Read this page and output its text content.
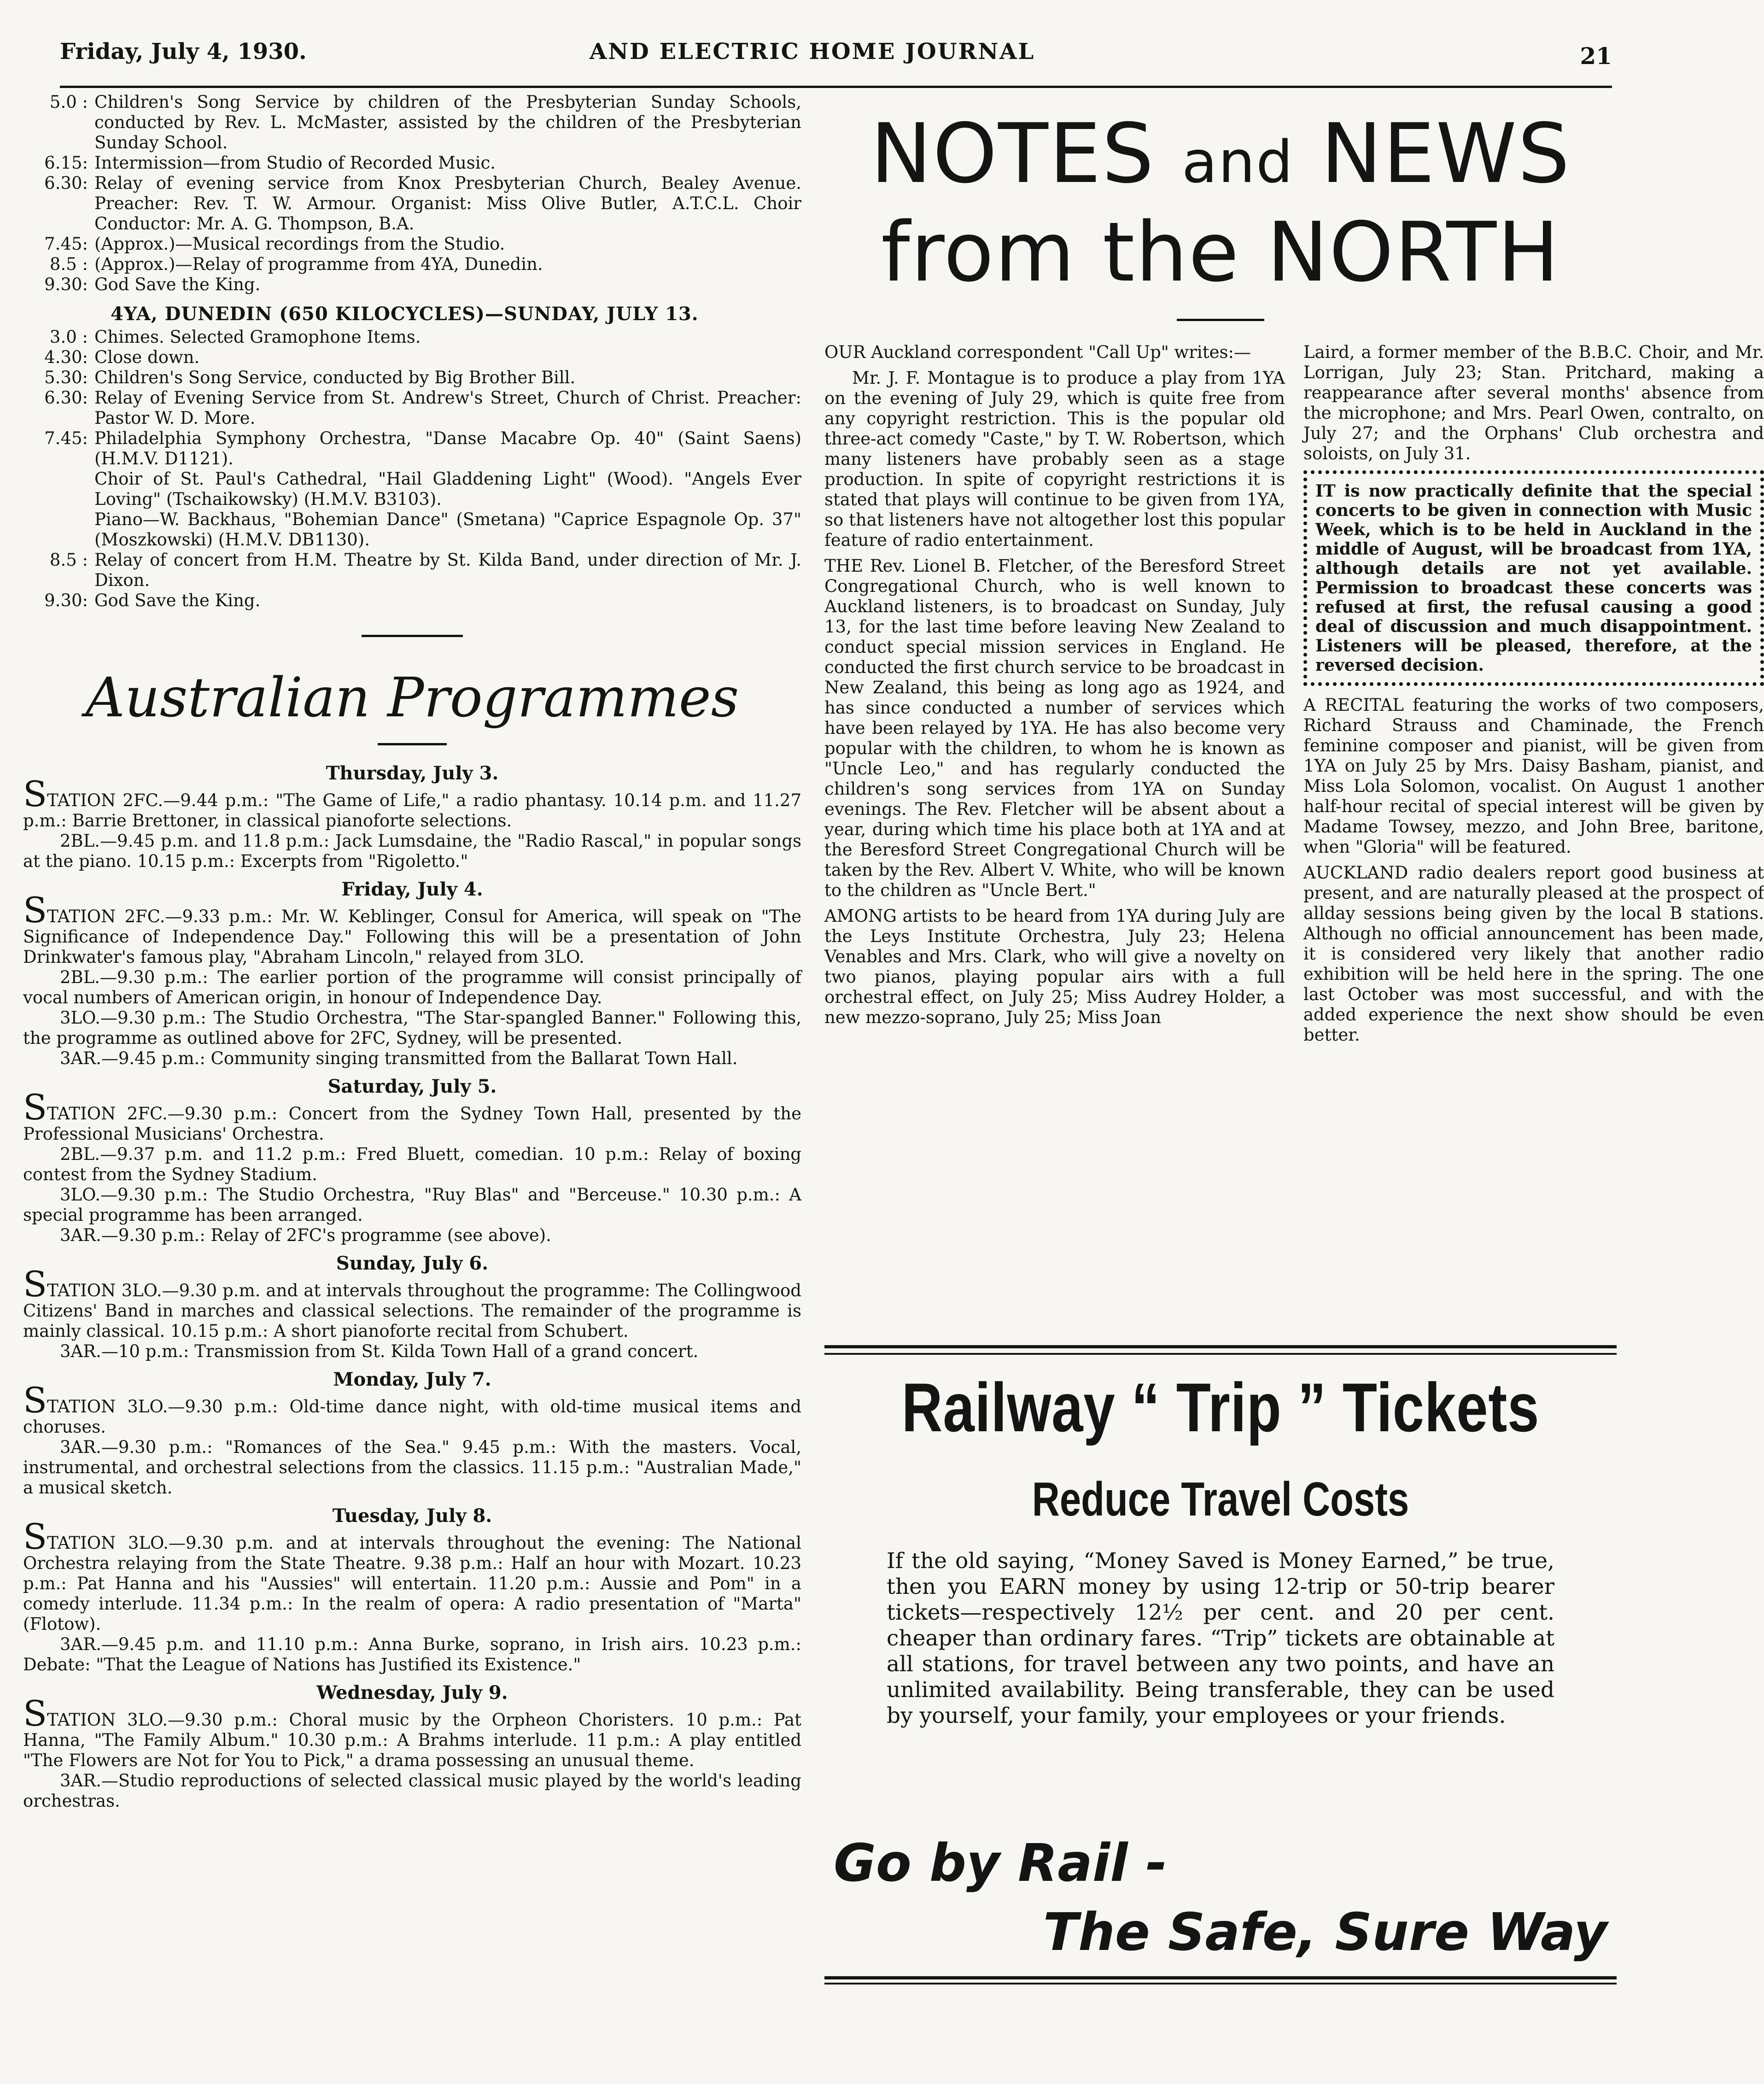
Friday, July 4, 1930.	AND ELECTRIC HOME JOURNAL	21
5.0 : Children's Song Service by children of the Presbyterian Sunday Schools, conducted by Rev. L. McMaster, assisted by the children of the Presbyterian Sunday School.
6.15: Intermission—from Studio of Recorded Music.
6.30: Relay of evening service from Knox Presbyterian Church, Bealey Avenue. Preacher: Rev. T. W. Armour. Organist: Miss Olive Butler, A.T.C.L. Choir Conductor: Mr. A. G. Thompson, B.A.
7.45: (Approx.)—Musical recordings from the Studio.
8.5 : (Approx.)—Relay of programme from 4YA, Dunedin.
9.30: God Save the King.
4YA, DUNEDIN (650 KILOCYCLES)—SUNDAY, JULY 13.
3.0 : Chimes. Selected Gramophone Items.
4.30: Close down.
5.30: Children's Song Service, conducted by Big Brother Bill.
6.30: Relay of Evening Service from St. Andrew's Street, Church of Christ. Preacher: Pastor W. D. More.
7.45: Philadelphia Symphony Orchestra, "Danse Macabre Op. 40" (Saint Saens) (H.M.V. D1121).
Choir of St. Paul's Cathedral, "Hail Gladdening Light" (Wood). "Angels Ever Loving" (Tschaikowsky) (H.M.V. B3103).
Piano—W. Backhaus, "Bohemian Dance" (Smetana) "Caprice Espagnole Op. 37" (Moszkowski) (H.M.V. DB1130).
8.5 : Relay of concert from H.M. Theatre by St. Kilda Band, under direction of Mr. J. Dixon.
9.30: God Save the King.
Australian Programmes
Thursday, July 3.

STATION 2FC.—9.44 p.m.: "The Game of Life," a radio phantasy. 10.14 p.m. and 11.27 p.m.: Barrie Brettoner, in classical pianoforte selections.

2BL.—9.45 p.m. and 11.8 p.m.: Jack Lumsdaine, the "Radio Rascal," in popular songs at the piano. 10.15 p.m.: Excerpts from "Rigoletto."

Friday, July 4.

STATION 2FC.—9.33 p.m.: Mr. W. Keblinger, Consul for America, will speak on "The Significance of Independence Day." Following this will be a presentation of John Drinkwater's famous play, "Abraham Lincoln," relayed from 3LO.

2BL.—9.30 p.m.: The earlier portion of the programme will consist principally of vocal numbers of American origin, in honour of Independence Day.

3LO.—9.30 p.m.: The Studio Orchestra, "The Star-spangled Banner." Following this, the programme as outlined above for 2FC, Sydney, will be presented.

3AR.—9.45 p.m.: Community singing transmitted from the Ballarat Town Hall.

Saturday, July 5.

STATION 2FC.—9.30 p.m.: Concert from the Sydney Town Hall, presented by the Professional Musicians' Orchestra.

2BL.—9.37 p.m. and 11.2 p.m.: Fred Bluett, comedian. 10 p.m.: Relay of boxing contest from the Sydney Stadium.

3LO.—9.30 p.m.: The Studio Orchestra, "Ruy Blas" and "Berceuse." 10.30 p.m.: A special programme has been arranged.

3AR.—9.30 p.m.: Relay of 2FC's programme (see above).

Sunday, July 6.

STATION 3LO.—9.30 p.m. and at intervals throughout the programme: The Collingwood Citizens' Band in marches and classical selections. The remainder of the programme is mainly classical. 10.15 p.m.: A short pianoforte recital from Schubert.

3AR.—10 p.m.: Transmission from St. Kilda Town Hall of a grand concert.

Monday, July 7.

STATION 3LO.—9.30 p.m.: Old-time dance night, with old-time musical items and choruses.

3AR.—9.30 p.m.: "Romances of the Sea." 9.45 p.m.: With the masters. Vocal, instrumental, and orchestral selections from the classics. 11.15 p.m.: "Australian Made," a musical sketch.

Tuesday, July 8.

STATION 3LO.—9.30 p.m. and at intervals throughout the evening: The National Orchestra relaying from the State Theatre. 9.38 p.m.: Half an hour with Mozart. 10.23 p.m.: Pat Hanna and his "Aussies" will entertain. 11.20 p.m.: Aussie and Pom" in a comedy interlude. 11.34 p.m.: In the realm of opera: A radio presentation of "Marta" (Flotow).

3AR.—9.45 p.m. and 11.10 p.m.: Anna Burke, soprano, in Irish airs. 10.23 p.m.: Debate: "That the League of Nations has Justified its Existence."

Wednesday, July 9.

STATION 3LO.—9.30 p.m.: Choral music by the Orpheon Choristers. 10 p.m.: Pat Hanna, "The Family Album." 10.30 p.m.: A Brahms interlude. 11 p.m.: A play entitled "The Flowers are Not for You to Pick," a drama possessing an unusual theme.

3AR.—Studio reproductions of selected classical music played by the world's leading orchestras.

NOTES and NEWS
from the NORTH

OUR Auckland correspondent "Call Up" writes:—

Mr. J. F. Montague is to produce a play from 1YA on the evening of July 29, which is quite free from any copyright restriction. This is the popular old three-act comedy "Caste," by T. W. Robertson, which many listeners have probably seen as a stage production. In spite of copyright restrictions it is stated that plays will continue to be given from 1YA, so that listeners have not altogether lost this popular feature of radio entertainment.

THE Rev. Lionel B. Fletcher, of the Beresford Street Congregational Church, who is well known to Auckland listeners, is to broadcast on Sunday, July 13, for the last time before leaving New Zealand to conduct special mission services in England. He conducted the first church service to be broadcast in New Zealand, this being as long ago as 1924, and has since conducted a number of services which have been relayed by 1YA. He has also become very popular with the children, to whom he is known as "Uncle Leo," and has regularly conducted the children's song services from 1YA on Sunday evenings. The Rev. Fletcher will be absent about a year, during which time his place both at 1YA and at the Beresford Street Congregational Church will be taken by the Rev. Albert V. White, who will be known to the children as "Uncle Bert."

AMONG artists to be heard from 1YA during July are the Leys Institute Orchestra, July 23; Helena Venables and Mrs. Clark, who will give a novelty on two pianos, playing popular airs with a full orchestral effect, on July 25; Miss Audrey Holder, a new mezzo-soprano, July 25; Miss Joan

Laird, a former member of the B.B.C. Choir, and Mr. Lorrigan, July 23; Stan. Pritchard, making a reappearance after several months' absence from the microphone; and Mrs. Pearl Owen, contralto, on July 27; and the Orphans' Club orchestra and soloists, on July 31.

IT is now practically definite that the special concerts to be given in connection with Music Week, which is to be held in Auckland in the middle of August, will be broadcast from 1YA, although details are not yet available. Permission to broadcast these concerts was refused at first, the refusal causing a good deal of discussion and much disappointment. Listeners will be pleased, therefore, at the reversed decision.

A RECITAL featuring the works of two composers, Richard Strauss and Chaminade, the French feminine composer and pianist, will be given from 1YA on July 25 by Mrs. Daisy Basham, pianist, and Miss Lola Solomon, vocalist. On August 1 another half-hour recital of special interest will be given by Madame Towsey, mezzo, and John Bree, baritone, when "Gloria" will be featured.

AUCKLAND radio dealers report good business at present, and are naturally pleased at the prospect of allday sessions being given by the local B stations. Although no official announcement has been made, it is considered very likely that another radio exhibition will be held here in the spring. The one last October was most successful, and with the added experience the next show should be even better.

Railway “ Trip ” Tickets
Reduce Travel Costs
If the old saying, “Money Saved is Money Earned,” be true, then you EARN money by using 12-trip or 50-trip bearer tickets—respectively 12½ per cent. and 20 per cent. cheaper than ordinary fares. “Trip” tickets are obtainable at all stations, for travel between any two points, and have an unlimited availability. Being transferable, they can be used by yourself, your family, your employees or your friends.
Go by Rail -
The Safe, Sure Way
